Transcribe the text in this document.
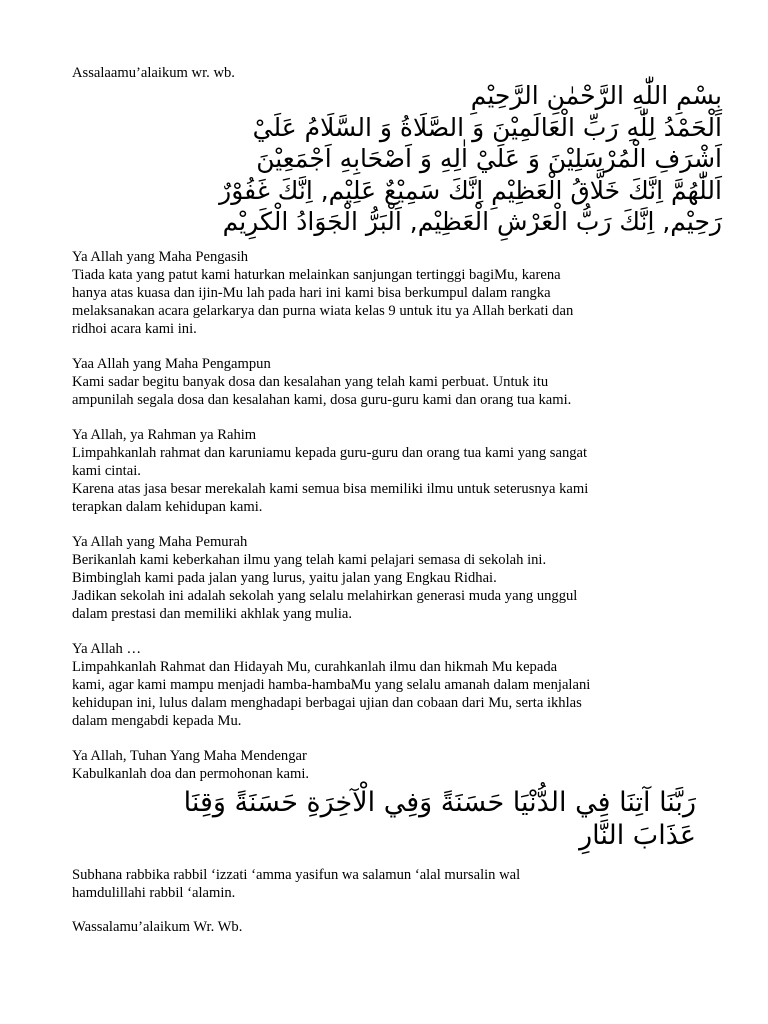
Assalaamu’alaikum wr. wb.

بِسْمِ اللّٰهِ الرَّحْمٰنِ الرَّحِيْمِ
اَلْحَمْدُ لِلّٰهِ رَبِّ الْعَالَمِيْنَ وَ الصَّلَاةُ وَ السَّلَامُ عَلَيْ
اَشْرَفِ الْمُرْسَلِيْنَ وَ عَلَيْ اٰلِهِ وَ اَصْحَابِهِ اَجْمَعِيْنَ
اَللّٰهُمَّ اِنَّكَ خَلَّاقُ الْعَظِيْمِ اِنَّكَ سَمِيْعٌ عَلِيْم, اِنَّكَ غَفُوْرٌ
رَحِيْم, اِنَّكَ رَبُّ الْعَرْشِ الْعَظِيْم, اَلْبَرُّ الْجَوَادُ الْكَرِيْم
Ya Allah yang Maha Pengasih
Tiada kata yang patut kami haturkan melainkan sanjungan tertinggi bagiMu, karena
hanya atas kuasa dan ijin-Mu lah pada hari ini kami bisa berkumpul dalam rangka
melaksanakan acara gelarkarya dan purna wiata kelas 9 untuk itu ya Allah berkati dan
ridhoi acara kami ini.
Yaa Allah yang Maha Pengampun
Kami sadar begitu banyak dosa dan kesalahan yang telah kami perbuat. Untuk itu
ampunilah segala dosa dan kesalahan kami, dosa guru-guru kami dan orang tua kami.
Ya Allah, ya Rahman ya Rahim
Limpahkanlah rahmat dan karuniamu kepada guru-guru dan orang tua kami yang sangat
kami cintai.
Karena atas jasa besar merekalah kami semua bisa memiliki ilmu untuk seterusnya kami
terapkan dalam kehidupan kami.
Ya Allah yang Maha Pemurah
Berikanlah kami keberkahan ilmu yang telah kami pelajari semasa di sekolah ini.
Bimbinglah kami pada jalan yang lurus, yaitu jalan yang Engkau Ridhai.
Jadikan sekolah ini adalah sekolah yang selalu melahirkan generasi muda yang unggul
dalam prestasi dan memiliki akhlak yang mulia.
Ya Allah …
Limpahkanlah Rahmat dan Hidayah Mu, curahkanlah ilmu dan hikmah Mu kepada
kami, agar kami mampu menjadi hamba-hambaMu yang selalu amanah dalam menjalani
kehidupan ini, lulus dalam menghadapi berbagai ujian dan cobaan dari Mu, serta ikhlas
dalam mengabdi kepada Mu.
Ya Allah, Tuhan Yang Maha Mendengar
Kabulkanlah doa dan permohonan kami.
رَبَّنَا آتِنَا فِي الدُّنْيَا حَسَنَةً وَفِي الْآخِرَةِ حَسَنَةً وَقِنَا
عَذَابَ النَّارِ
Subhana rabbika rabbil ‘izzati ‘amma yasifun wa salamun ‘alal mursalin wal
hamdulillahi rabbil ‘alamin.

Wassalamu’alaikum Wr. Wb.
